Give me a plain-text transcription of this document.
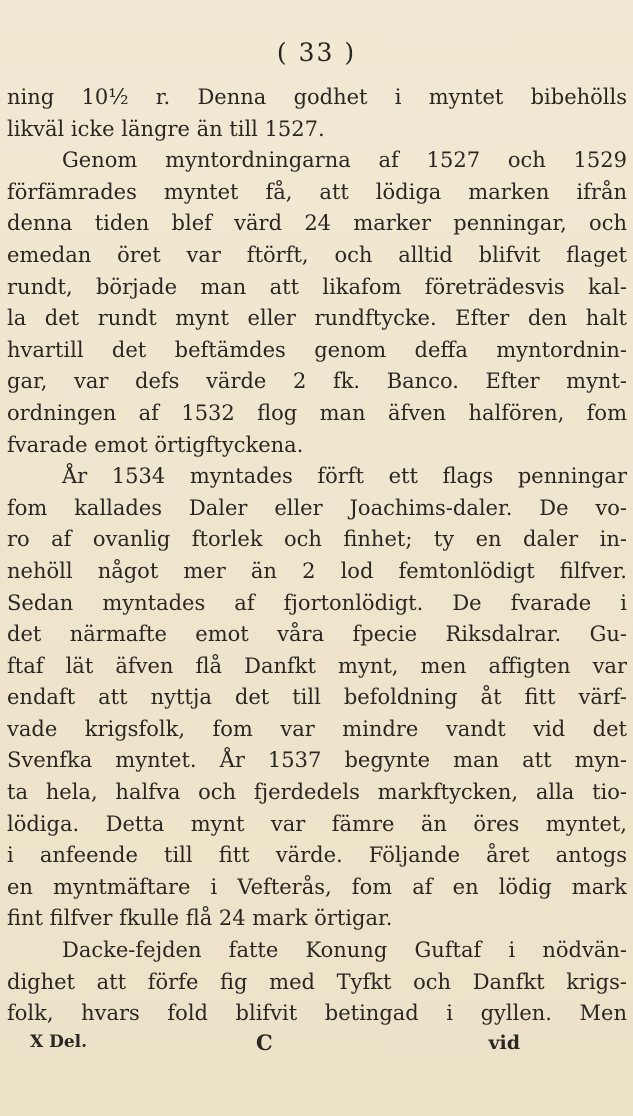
( 33 )
ning 10½ r. Denna godhet i myntet bibehölls
likväl icke längre än till 1527.
Genom myntordningarna af 1527 och 1529
förfämrades myntet få, att lödiga marken ifrån
denna tiden blef värd 24 marker penningar, och
emedan öret var ftörft, och alltid blifvit flaget
rundt, började man att likafom företrädesvis kal-
la det rundt mynt eller rundftycke. Efter den halt
hvartill det beftämdes genom deffa myntordnin-
gar, var defs värde 2 fk. Banco. Efter mynt-
ordningen af 1532 flog man äfven halfören, fom
fvarade emot örtigftyckena.
År 1534 myntades förft ett flags penningar
fom kallades Daler eller Joachims-daler. De vo-
ro af ovanlig ftorlek och finhet; ty en daler in-
nehöll något mer än 2 lod femtonlödigt filfver.
Sedan myntades af fjortonlödigt. De fvarade i
det närmafte emot våra fpecie Riksdalrar. Gu-
ftaf lät äfven flå Danfkt mynt, men affigten var
endaft att nyttja det till befoldning åt fitt värf-
vade krigsfolk, fom var mindre vandt vid det
Svenfka myntet. År 1537 begynte man att myn-
ta hela, halfva och fjerdedels markftycken, alla tio-
lödiga. Detta mynt var fämre än öres myntet,
i anfeende till fitt värde. Följande året antogs
en myntmäftare i Vefterås, fom af en lödig mark
fint filfver fkulle flå 24 mark örtigar.
Dacke-fejden fatte Konung Guftaf i nödvän-
dighet att förfe fig med Tyfkt och Danfkt krigs-
folk, hvars fold blifvit betingad i gyllen. Men
X Del.	C	vid
